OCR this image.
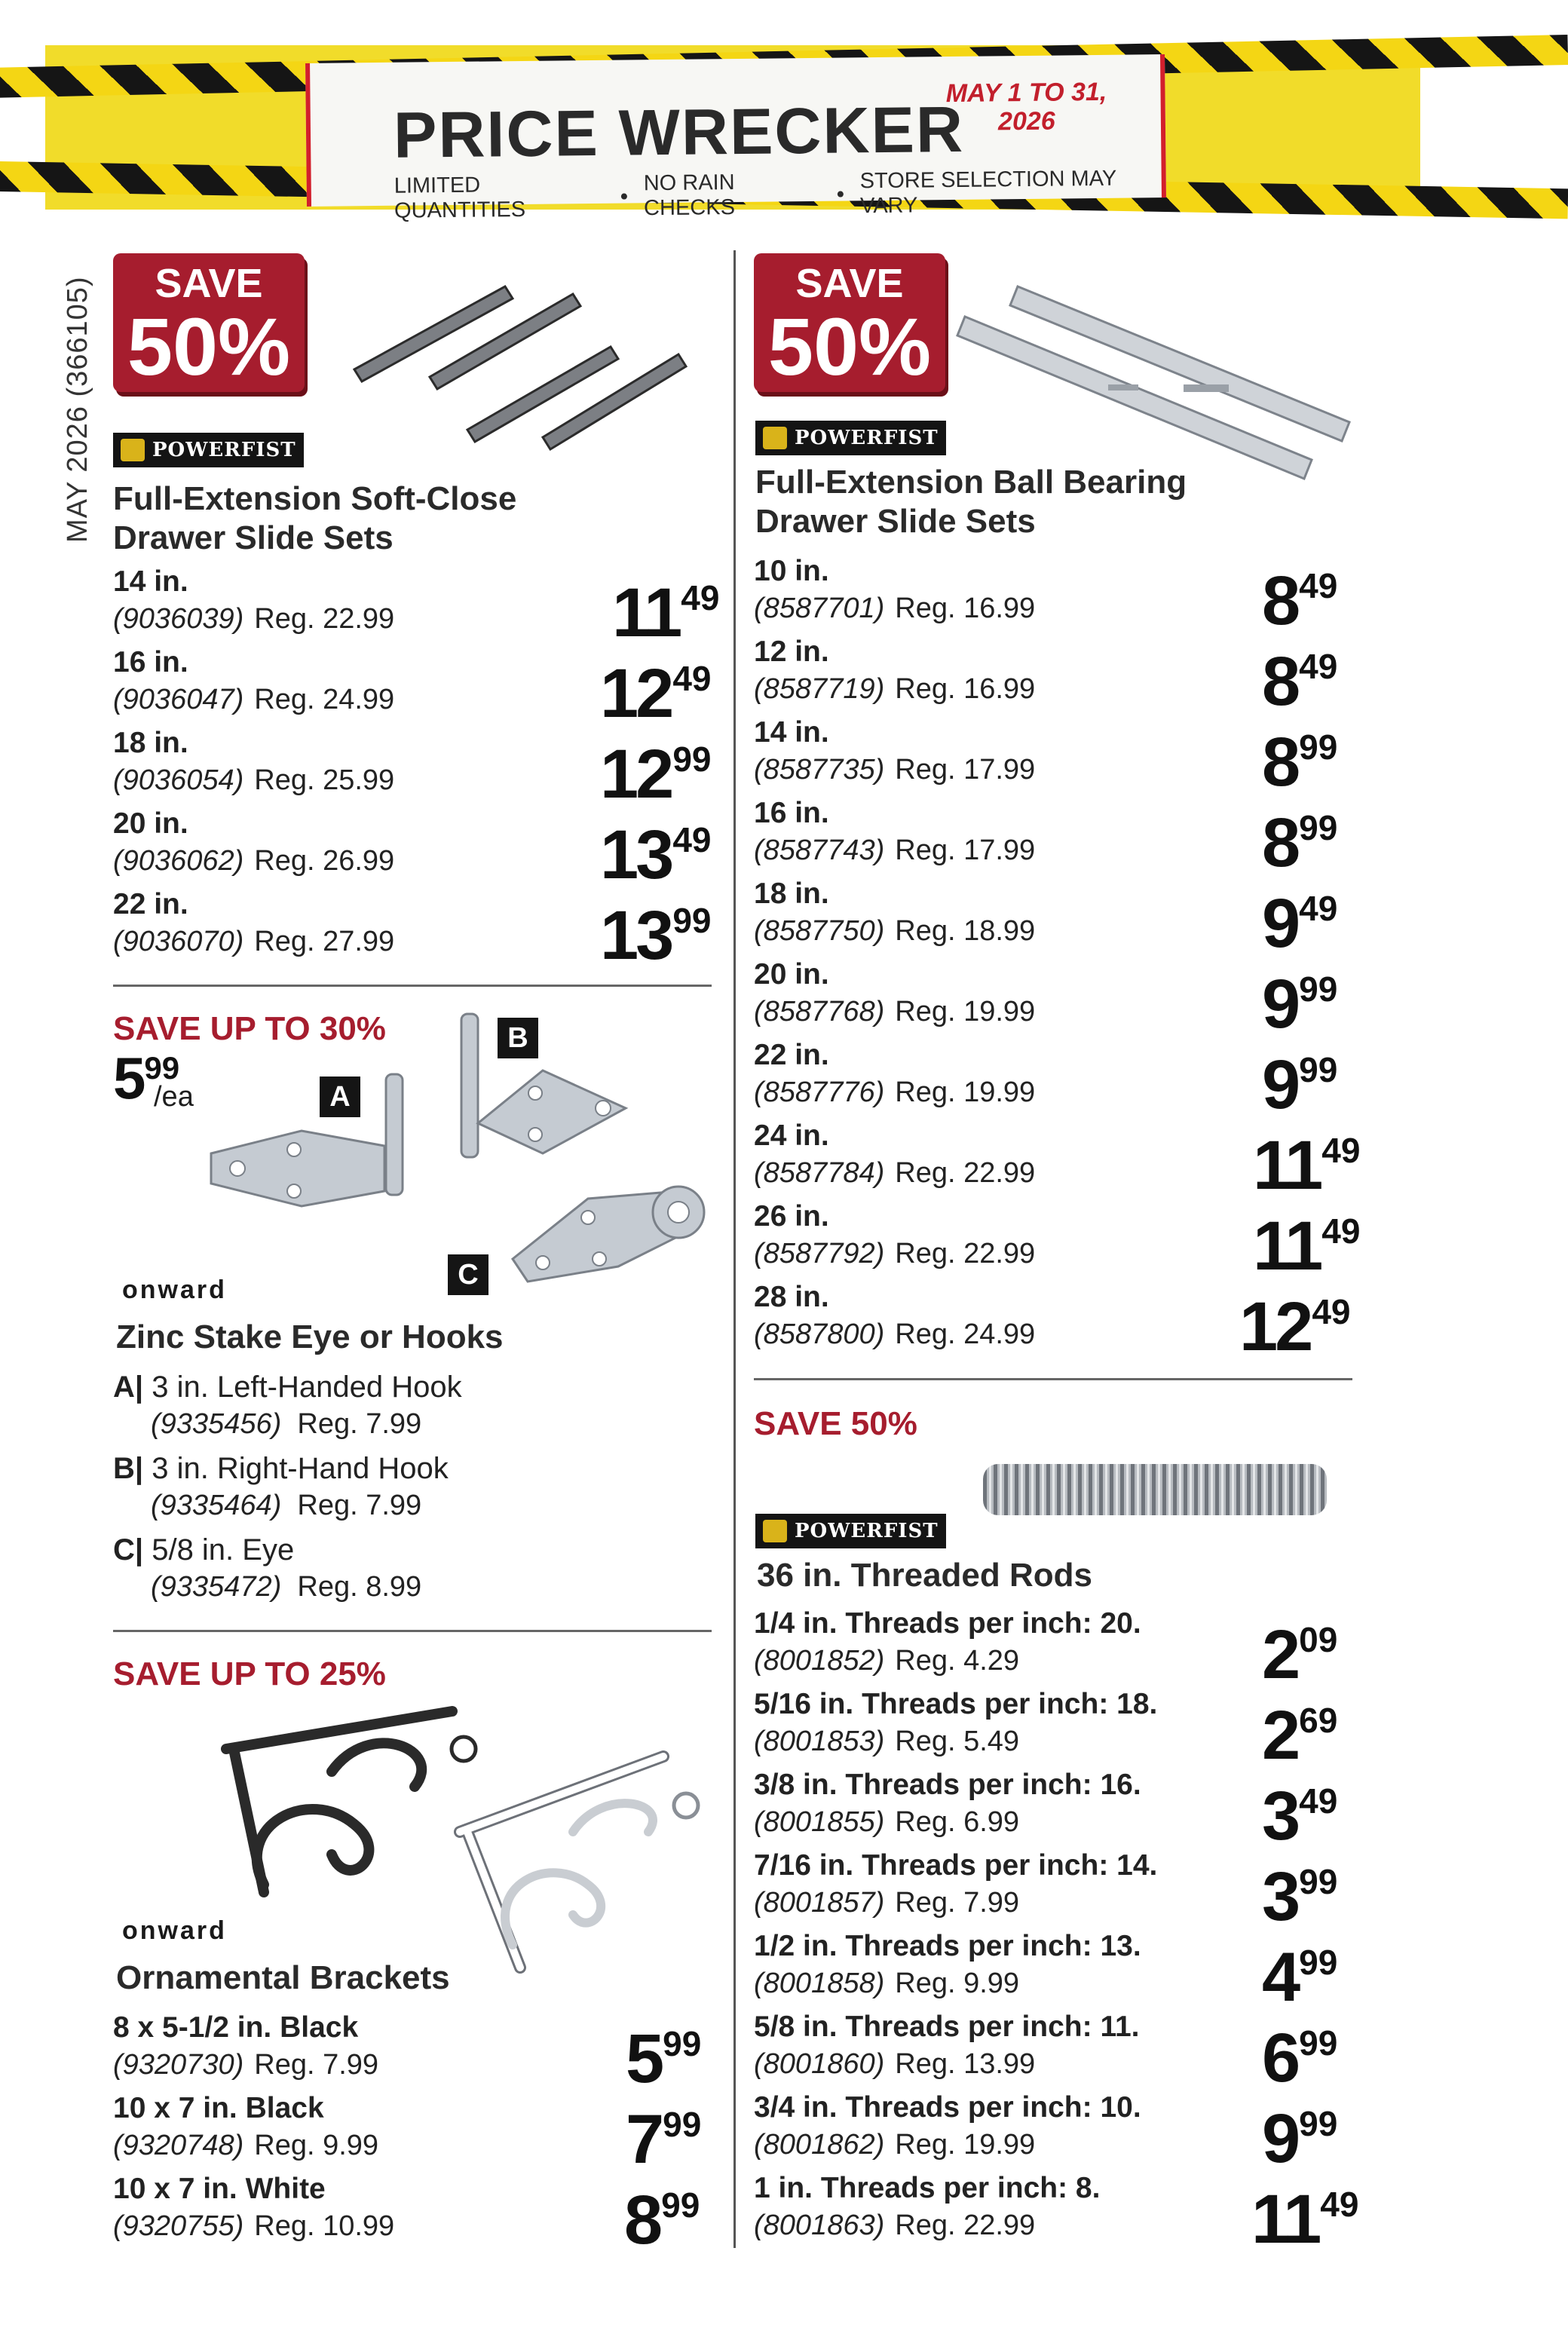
PRICE WRECKER
MAY 1 TO 31, 2026
LIMITED QUANTITIES
NO RAIN CHECKS
STORE SELECTION MAY VARY
MAY 2026 (366105)	SAVE
50%
POWERFIST
Full-Extension Soft-Close
Drawer Slide Sets
14 in.
(9036039) Reg. 22.99	11 49
16 in.
(9036047) Reg. 24.99	12 49
18 in.
(9036054) Reg. 25.99	12 99
20 in.
(9036062) Reg. 26.99	13 49
22 in.
(9036070) Reg. 27.99	13 99
SAVE UP TO 30%
5 99
/ea	A
B
C
onward
Zinc Stake Eye or Hooks
A| 3 in. Left-Handed Hook
(9335456) Reg. 7.99
B| 3 in. Right-Hand Hook
(9335464) Reg. 7.99
C| 5/8 in. Eye
(9335472) Reg. 8.99
SAVE UP TO 25%
onward
Ornamental Brackets
8 x 5-1/2 in. Black
(9320730) Reg. 7.99	5 99
10 x 7 in. Black
(9320748) Reg. 9.99	7 99
10 x 7 in. White
(9320755) Reg. 10.99	8 99
SAVE
50%
POWERFIST
Full-Extension Ball Bearing
Drawer Slide Sets
10 in.
(8587701) Reg. 16.99	8 49
12 in.
(8587719) Reg. 16.99	8 49
14 in.
(8587735) Reg. 17.99	8 99
16 in.
(8587743) Reg. 17.99	8 99
18 in.
(8587750) Reg. 18.99	9 49
20 in.
(8587768) Reg. 19.99	9 99
22 in.
(8587776) Reg. 19.99	9 99
24 in.
(8587784) Reg. 22.99	11 49
26 in.
(8587792) Reg. 22.99	11 49
28 in.
(8587800) Reg. 24.99	12 49
SAVE 50%
POWERFIST
36 in. Threaded Rods
1/4 in. Threads per inch: 20.
(8001852) Reg. 4.29	2 09
5/16 in. Threads per inch: 18.
(8001853) Reg. 5.49	2 69
3/8 in. Threads per inch: 16.
(8001855) Reg. 6.99	3 49
7/16 in. Threads per inch: 14.
(8001857) Reg. 7.99	3 99
1/2 in. Threads per inch: 13.
(8001858) Reg. 9.99	4 99
5/8 in. Threads per inch: 11.
(8001860) Reg. 13.99	6 99
3/4 in. Threads per inch: 10.
(8001862) Reg. 19.99	9 99
1 in. Threads per inch: 8.
(8001863) Reg. 22.99	11 49
